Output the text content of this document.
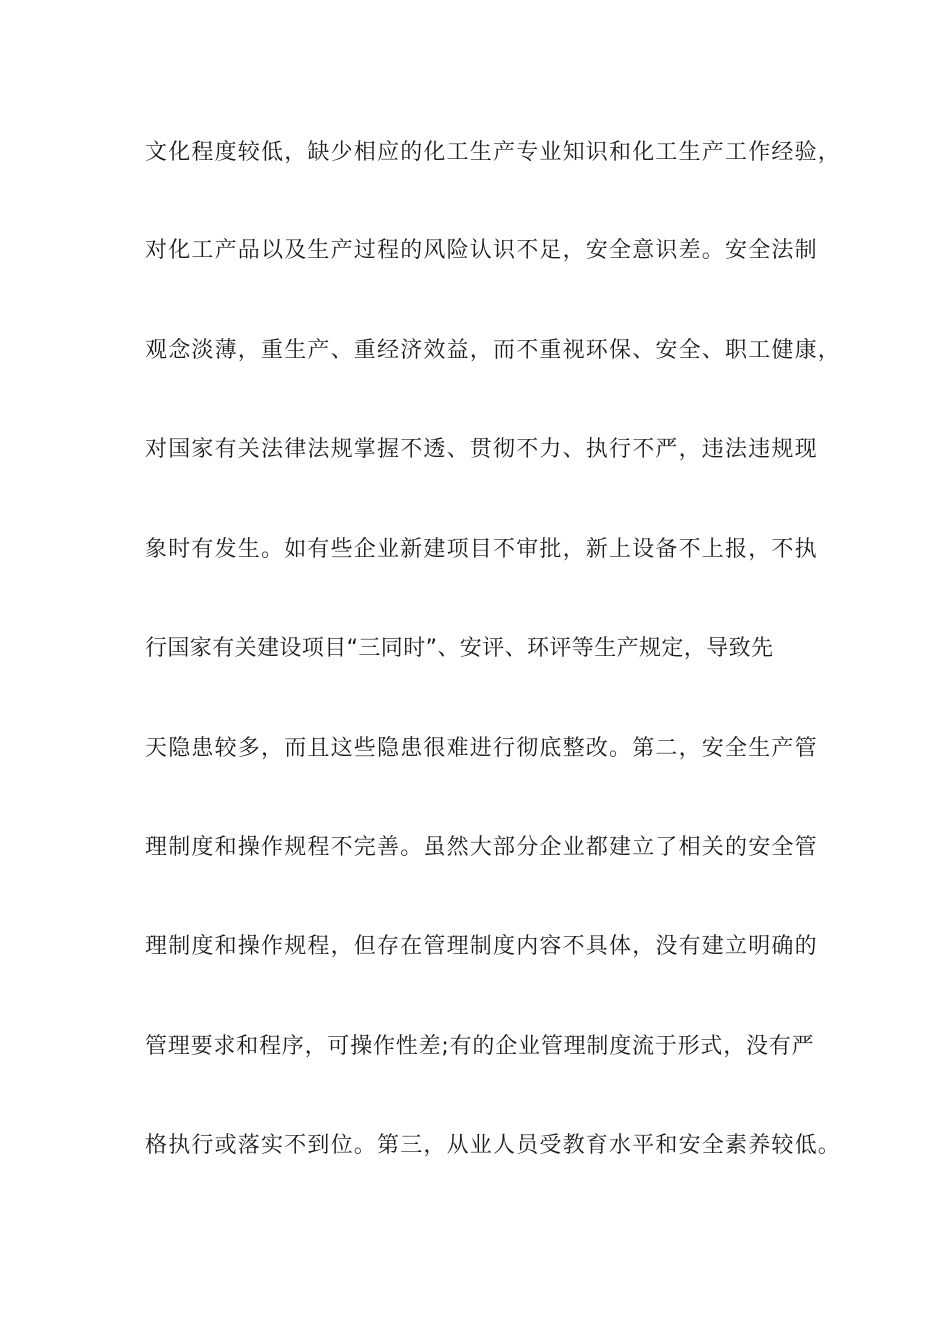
文化程度较低，缺少相应的化工生产专业知识和化工生产工作经验，
对化工产品以及生产过程的风险认识不足，安全意识差。安全法制
观念淡薄，重生产、重经济效益，而不重视环保、安全、职工健康，
对国家有关法律法规掌握不透、贯彻不力、执行不严，违法违规现
象时有发生。如有些企业新建项目不审批，新上设备不上报，不执
行国家有关建设项目“三同时”、安评、环评等生产规定，导致先
天隐患较多，而且这些隐患很难进行彻底整改。第二，安全生产管
理制度和操作规程不完善。虽然大部分企业都建立了相关的安全管
理制度和操作规程，但存在管理制度内容不具体，没有建立明确的
管理要求和程序，可操作性差;有的企业管理制度流于形式，没有严
格执行或落实不到位。第三，从业人员受教育水平和安全素养较低。
